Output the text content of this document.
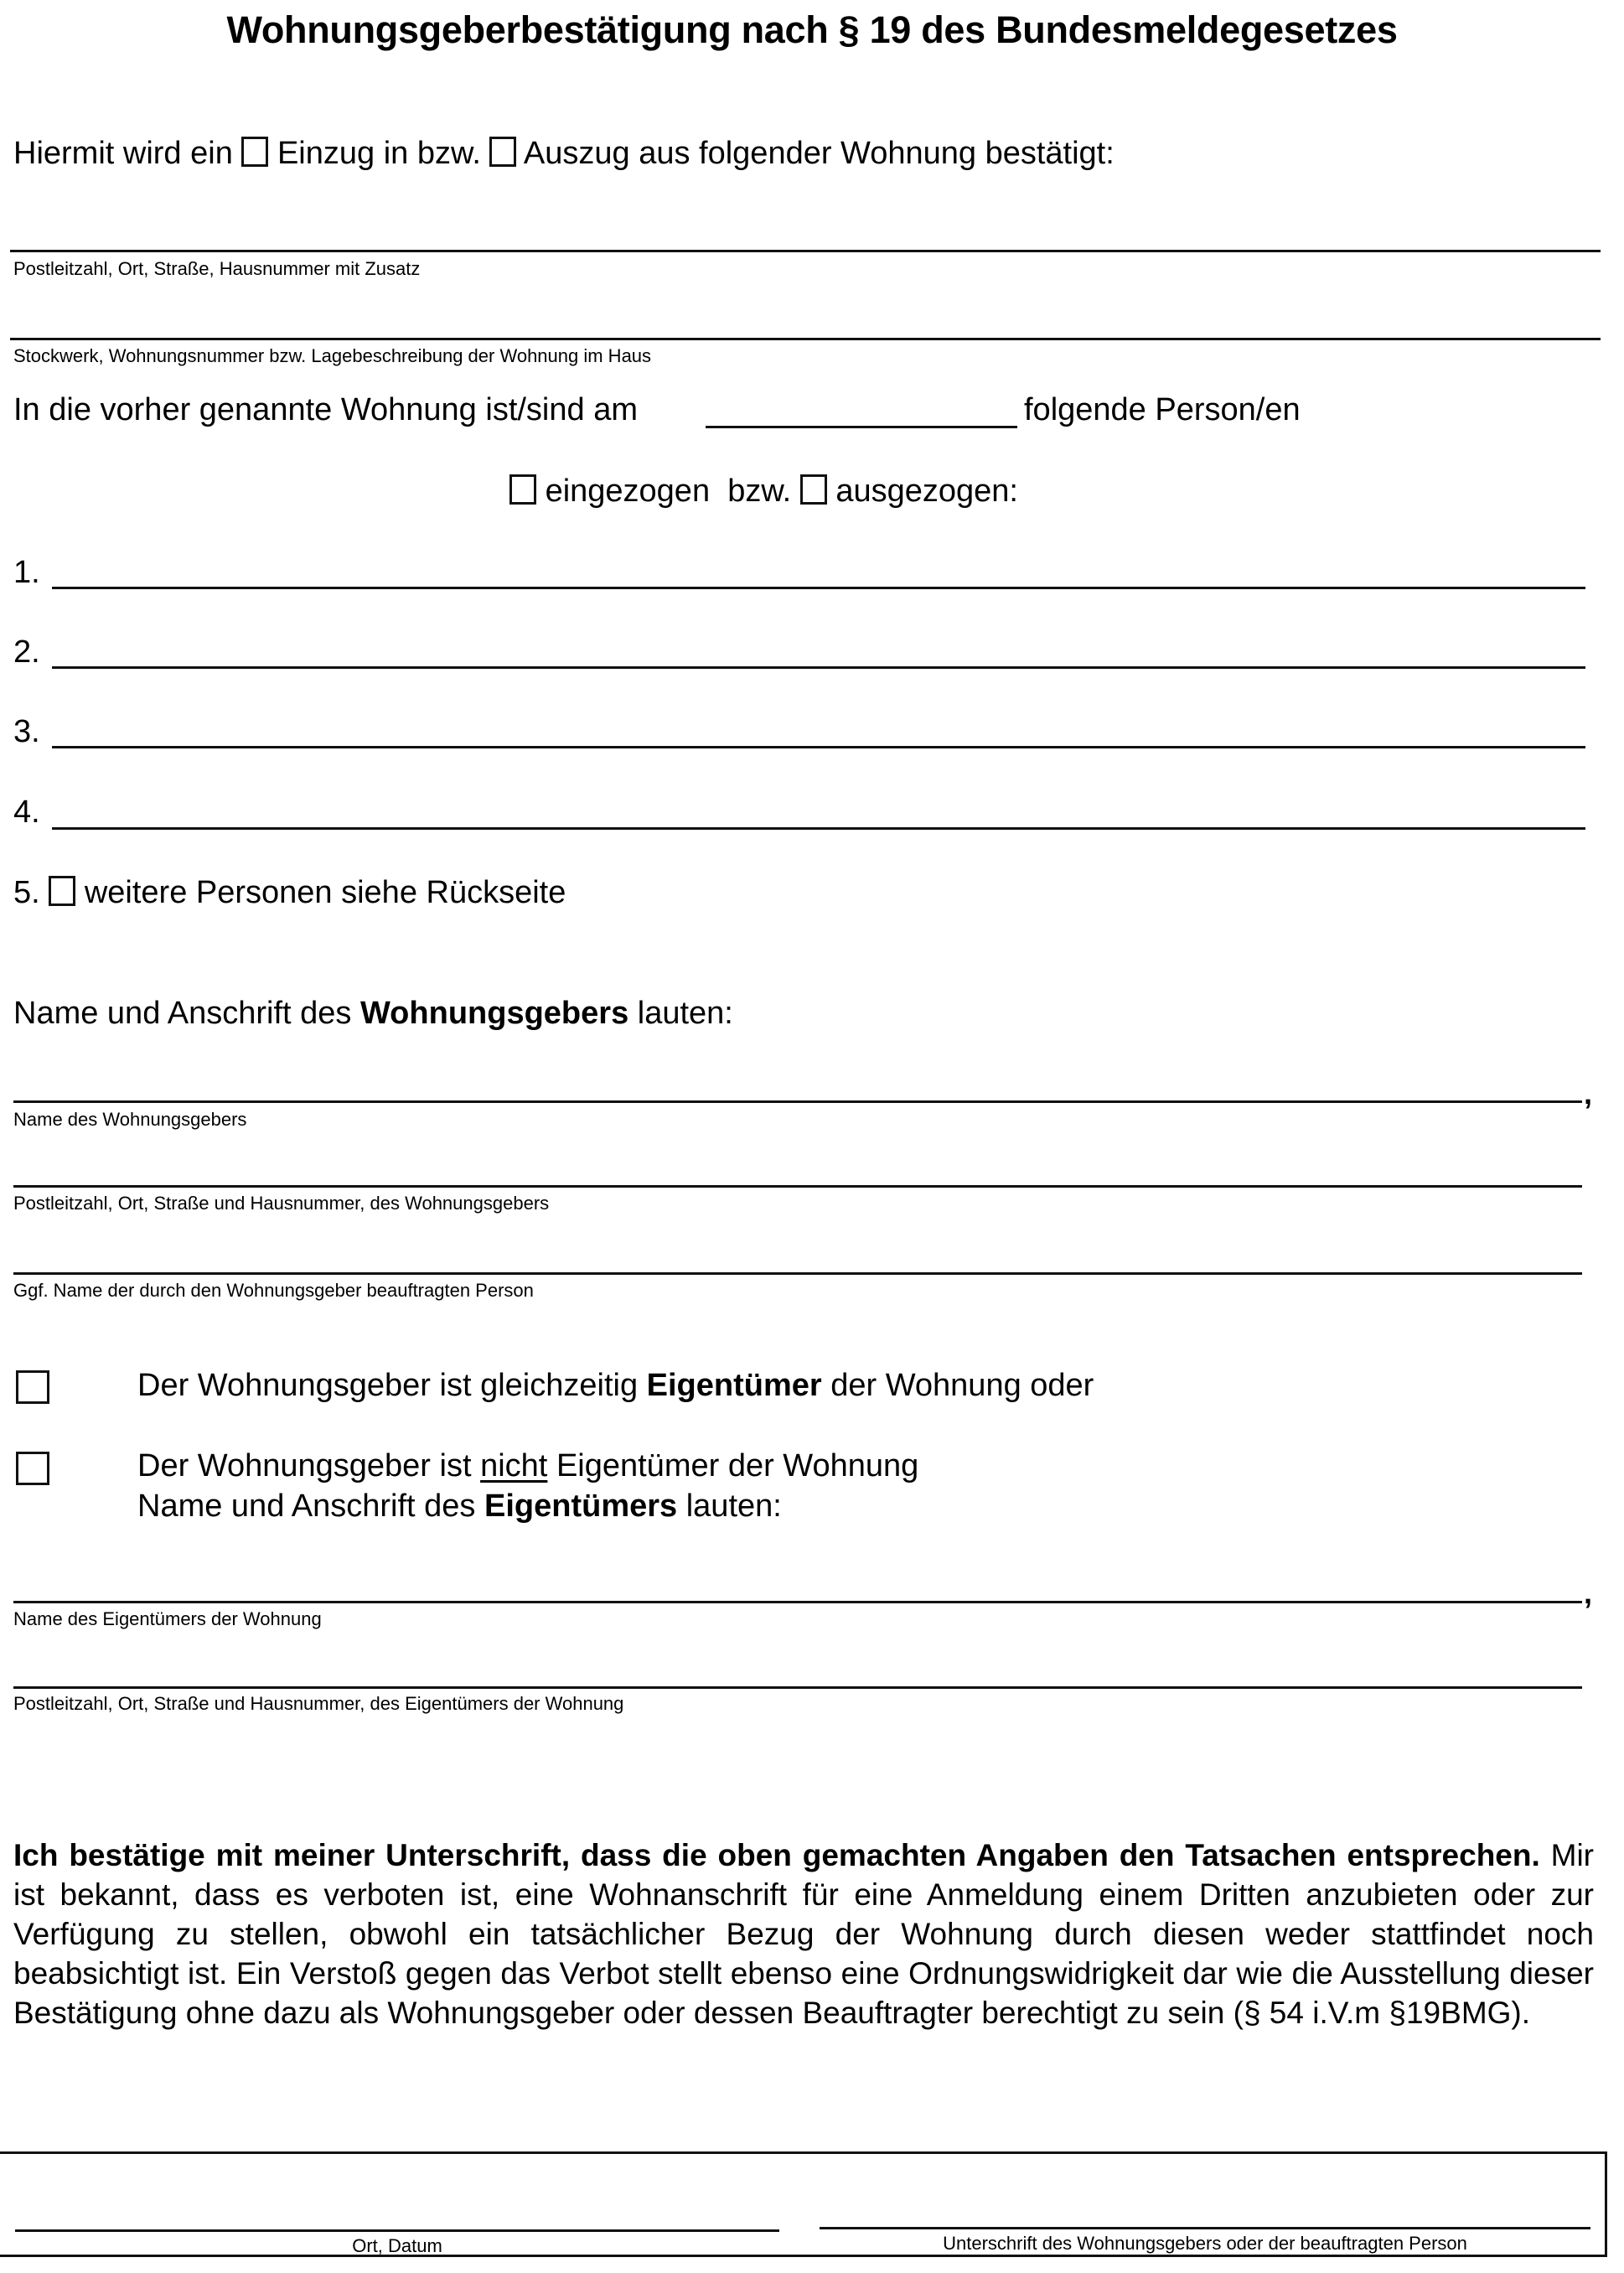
Wohnungsgeberbestätigung nach § 19 des Bundesmeldegesetzes
Hiermit wird ein Einzug in bzw. Auszug aus folgender Wohnung bestätigt:
Postleitzahl, Ort, Straße, Hausnummer mit Zusatz
Stockwerk, Wohnungsnummer bzw. Lagebeschreibung der Wohnung im Haus
In die vorher genannte Wohnung ist/sind am	folgende Person/en
eingezogen  bzw. ausgezogen:
1.
2.
3.
4.
5. weitere Personen siehe Rückseite
Name und Anschrift des Wohnungsgebers lauten:
,
Name des Wohnungsgebers
Postleitzahl, Ort, Straße und Hausnummer, des Wohnungsgebers
Ggf. Name der durch den Wohnungsgeber beauftragten Person
Der Wohnungsgeber ist gleichzeitig Eigentümer der Wohnung oder
Der Wohnungsgeber ist nicht Eigentümer der Wohnung
Name und Anschrift des Eigentümers lauten:
,
Name des Eigentümers der Wohnung
Postleitzahl, Ort, Straße und Hausnummer, des Eigentümers der Wohnung
Ich bestätige mit meiner Unterschrift, dass die oben gemachten Angaben den Tatsachen entsprechen. Mir ist bekannt, dass es verboten ist, eine Wohnanschrift für eine Anmeldung einem Dritten anzubieten oder zur Verfügung zu stellen, obwohl ein tatsächlicher Bezug der Wohnung durch diesen weder stattfindet noch beabsichtigt ist. Ein Verstoß gegen das Verbot stellt ebenso eine Ordnungswidrigkeit dar wie die Ausstellung dieser Bestätigung ohne dazu als Wohnungsgeber oder dessen Beauftragter berechtigt zu sein (§ 54 i.V.m §19BMG).
Ort, Datum	Unterschrift des Wohnungsgebers oder der beauftragten Person
